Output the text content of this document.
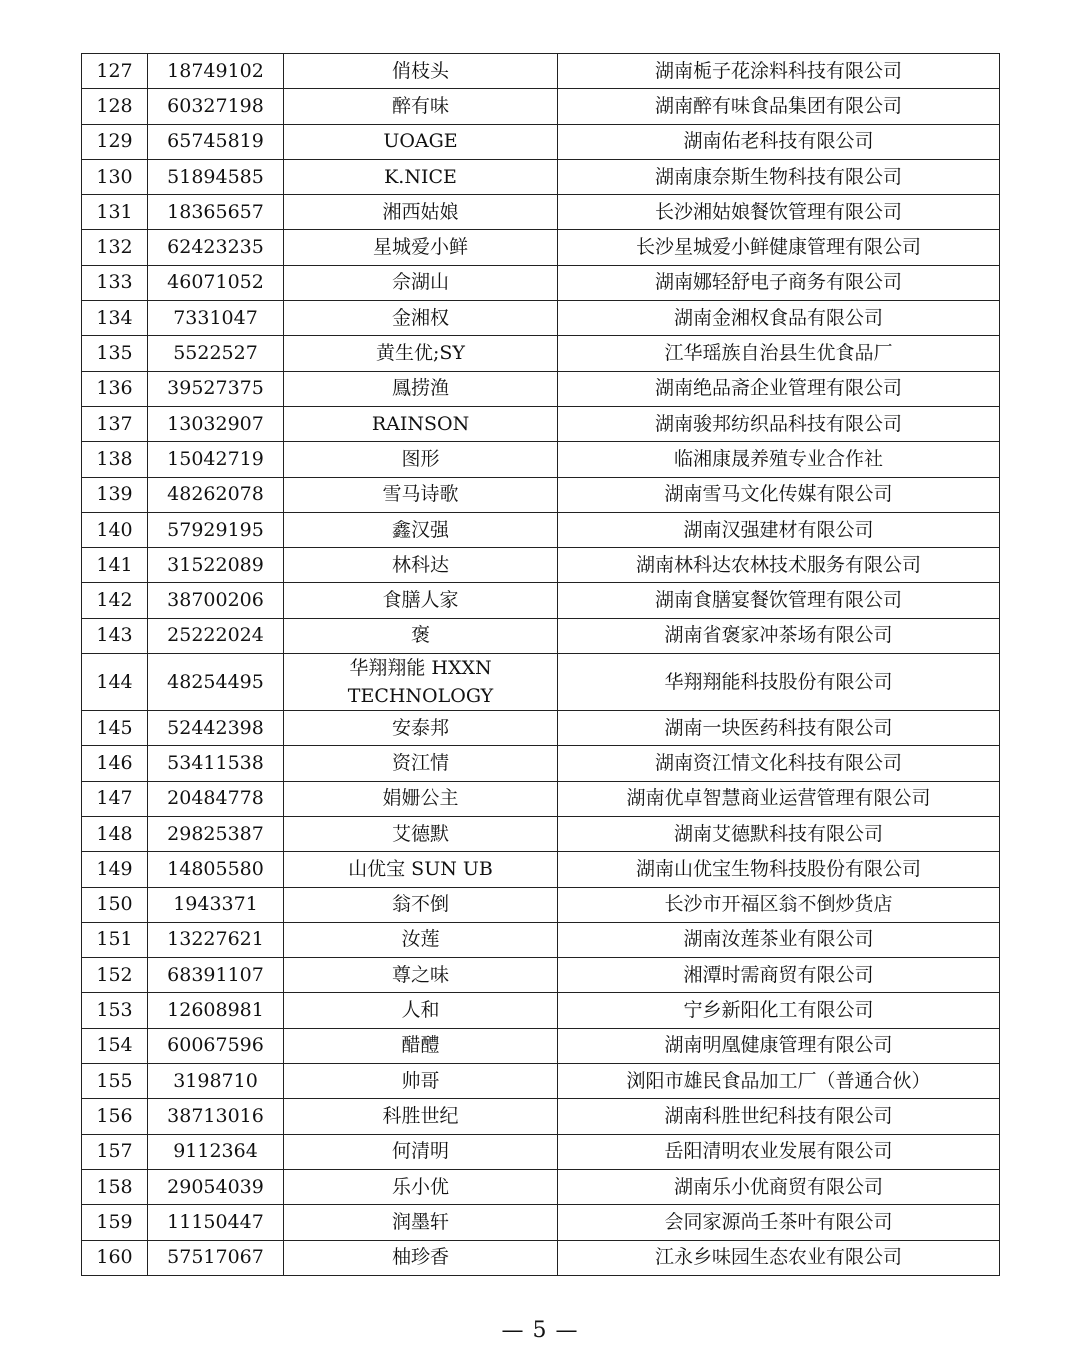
127	18749102	俏枝头	湖南栀子花涂料科技有限公司
128	60327198	醉有味	湖南醉有味食品集团有限公司
129	65745819	UOAGE	湖南佑老科技有限公司
130	51894585	K.NICE	湖南康奈斯生物科技有限公司
131	18365657	湘西姑娘	长沙湘姑娘餐饮管理有限公司
132	62423235	星城爱小鲜	长沙星城爱小鲜健康管理有限公司
133	46071052	佘湖山	湖南娜轻舒电子商务有限公司
134	7331047	金湘权	湖南金湘权食品有限公司
135	5522527	黄生优;SY	江华瑶族自治县生优食品厂
136	39527375	鳳捞渔	湖南绝品斋企业管理有限公司
137	13032907	RAINSON	湖南骏邦纺织品科技有限公司
138	15042719	图形	临湘康晟养殖专业合作社
139	48262078	雪马诗歌	湖南雪马文化传媒有限公司
140	57929195	鑫汉强	湖南汉强建材有限公司
141	31522089	林科达	湖南林科达农林技术服务有限公司
142	38700206	食膳人家	湖南食膳宴餐饮管理有限公司
143	25222024	褒	湖南省褒家冲茶场有限公司
144	48254495	华翔翔能 HXXN TECHNOLOGY	华翔翔能科技股份有限公司
145	52442398	安泰邦	湖南一块医药科技有限公司
146	53411538	资江情	湖南资江情文化科技有限公司
147	20484778	娟姗公主	湖南优卓智慧商业运营管理有限公司
148	29825387	艾德默	湖南艾德默科技有限公司
149	14805580	山优宝 SUN UB	湖南山优宝生物科技股份有限公司
150	1943371	翁不倒	长沙市开福区翁不倒炒货店
151	13227621	汝莲	湖南汝莲茶业有限公司
152	68391107	尊之味	湘潭时需商贸有限公司
153	12608981	人和	宁乡新阳化工有限公司
154	60067596	醋醴	湖南明凰健康管理有限公司
155	3198710	帅哥	浏阳市雄民食品加工厂（普通合伙）
156	38713016	科胜世纪	湖南科胜世纪科技有限公司
157	9112364	何清明	岳阳清明农业发展有限公司
158	29054039	乐小优	湖南乐小优商贸有限公司
159	11150447	润墨轩	会同家源尚壬茶叶有限公司
160	57517067	柚珍香	江永乡味园生态农业有限公司
— 5 —
